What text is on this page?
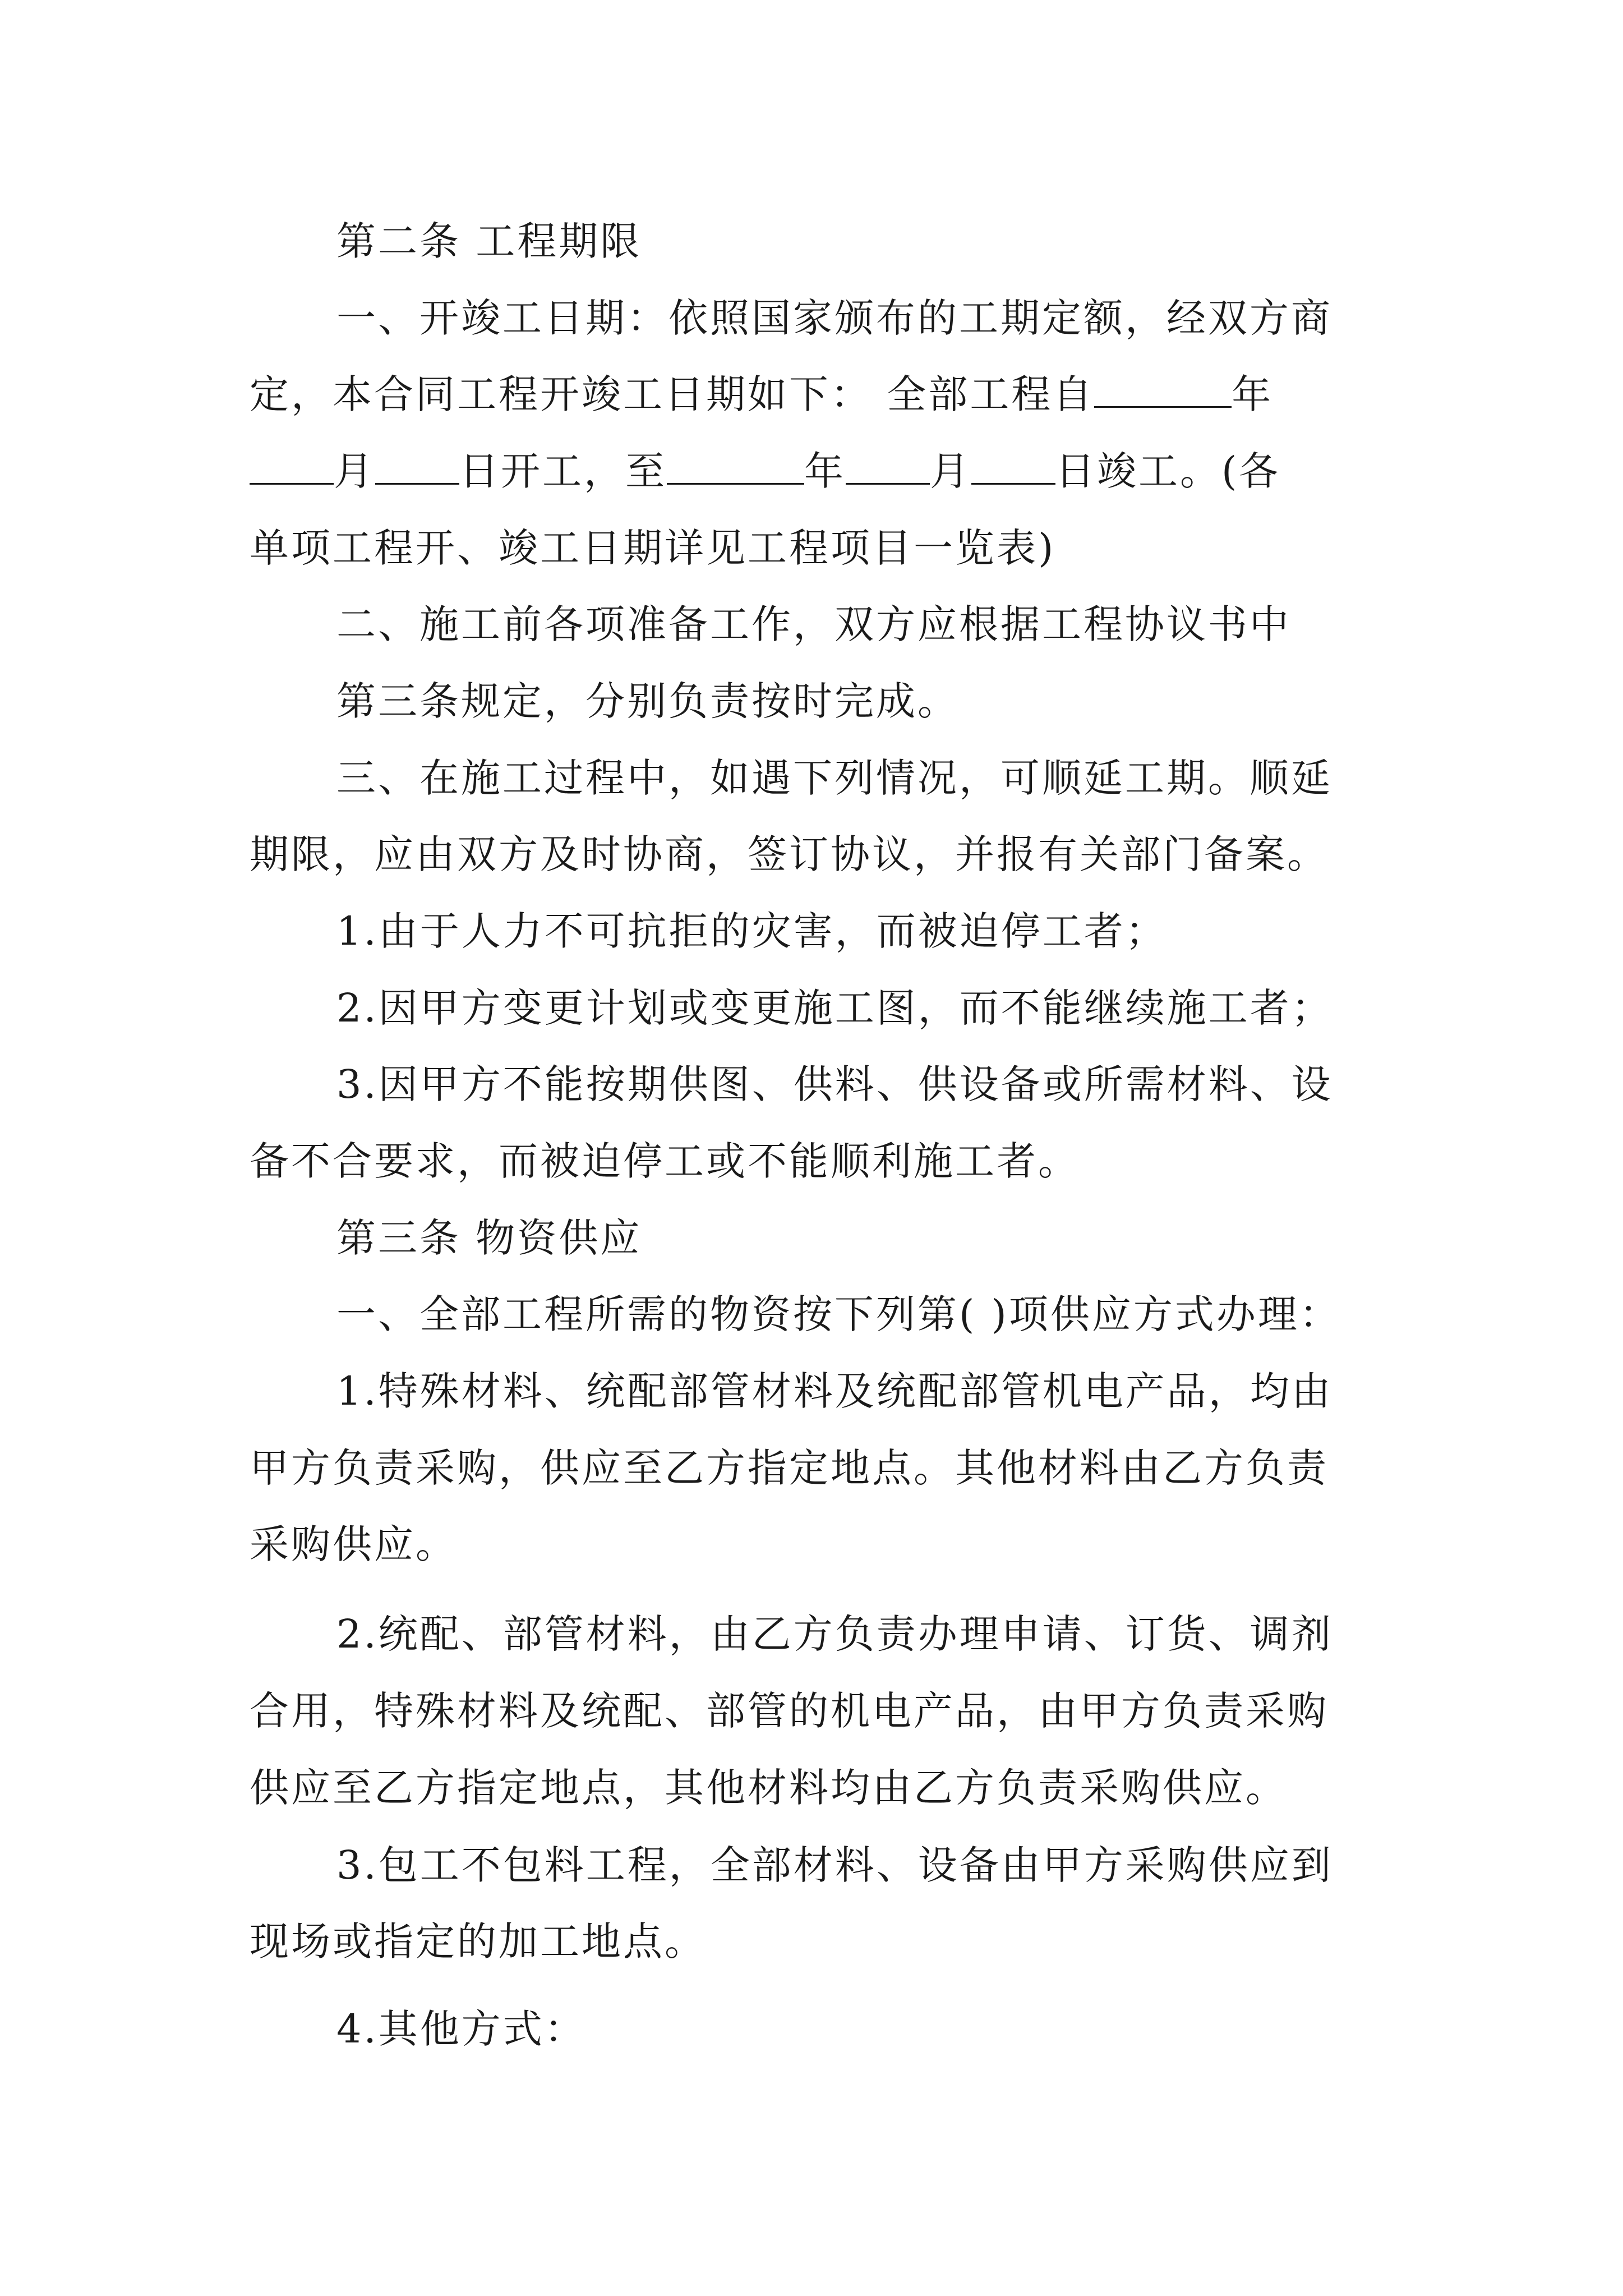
第二条 工程期限
一、开竣工日期：依照国家颁布的工期定额，经双方商
定，本合同工程开竣工日期如下： 全部工程自	年
月 日开工，至	年 月 日竣工。(各
单项工程开、竣工日期详见工程项目一览表)
二、施工前各项准备工作，双方应根据工程协议书中
第三条规定，分别负责按时完成。
三、在施工过程中，如遇下列情况，可顺延工期。顺延
期限，应由双方及时协商，签订协议，并报有关部门备案。
1.由于人力不可抗拒的灾害，而被迫停工者；
2.因甲方变更计划或变更施工图，而不能继续施工者；
3.因甲方不能按期供图、供料、供设备或所需材料、设
备不合要求，而被迫停工或不能顺利施工者。
第三条 物资供应
一、全部工程所需的物资按下列第( )项供应方式办理：
1.特殊材料、统配部管材料及统配部管机电产品，均由
甲方负责采购，供应至乙方指定地点。其他材料由乙方负责
采购供应。
2.统配、部管材料，由乙方负责办理申请、订货、调剂
合用，特殊材料及统配、部管的机电产品，由甲方负责采购
供应至乙方指定地点，其他材料均由乙方负责采购供应。
3.包工不包料工程，全部材料、设备由甲方采购供应到
现场或指定的加工地点。
4.其他方式：
